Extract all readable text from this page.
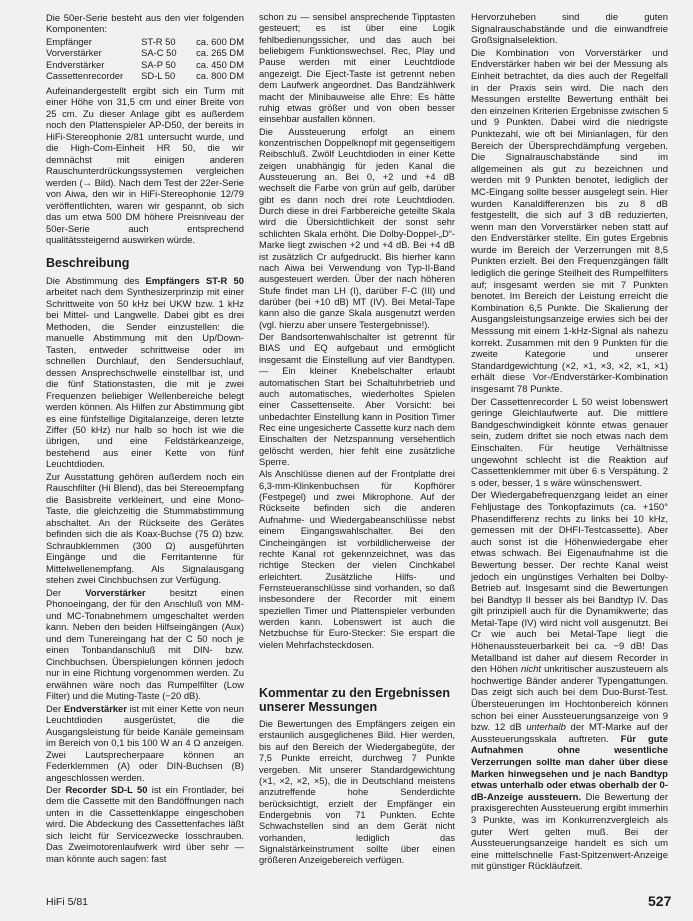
Die 50er-Serie besteht aus den vier folgenden Komponenten:

Empfänger	ST-R 50	ca. 600 DM
Vorverstärker	SA-C 50	ca. 265 DM
Endverstärker	SA-P 50	ca. 450 DM
Cassettenrecorder	SD-L 50	ca. 800 DM

Aufeinandergestellt ergibt sich ein Turm mit einer Höhe von 31,5 cm und einer Breite von 25 cm. Zu dieser Anlage gibt es außerdem noch den Plattenspieler AP-D50, der bereits in HiFi-Stereophonie 2/81 untersucht wurde, und die High-Com-Einheit HR 50, die wir demnächst mit einigen anderen Rauschunterdrückungssystemen vergleichen werden (→ Bild). Nach dem Test der 22er-Serie von Aiwa, den wir in HiFi-Stereophonie 12/79 veröffentlichten, waren wir gespannt, ob sich das um etwa 500 DM höhere Preisniveau der 50er-Serie auch entsprechend qualitätssteigernd auswirken würde.

Beschreibung

Die Abstimmung des Empfängers ST-R 50 arbeitet nach dem Synthesizerprinzip mit einer Schrittweite von 50 kHz bei UKW bzw. 1 kHz bei Mittel- und Langwelle. Dabei gibt es drei Methoden, die Sender einzustellen: die manuelle Abstimmung mit den Up/Down-Tasten, entweder schrittweise oder im schnellen Durchlauf, den Sendersuchlauf, dessen Ansprechschwelle einstellbar ist, und die fünf Stationstasten, die mit je zwei Frequenzen beliebiger Wellenbereiche belegt werden können. Als Hilfen zur Abstimmung gibt es eine fünfstellige Digitalanzeige, deren letzte Ziffer (50 kHz) nur halb so hoch ist wie die übrigen, und eine Feldstärkeanzeige, bestehend aus einer Kette von fünf Leuchtdioden.

Zur Ausstattung gehören außerdem noch ein Rauschfilter (Hi Blend), das bei Stereoempfang die Basisbreite verkleinert, und eine Mono-Taste, die gleichzeitig die Stummabstimmung abschaltet. An der Rückseite des Gerätes befinden sich die als Koax-Buchse (75 Ω) bzw. Schraubklemmen (300 Ω) ausgeführten Eingänge und die Ferritantenne für Mittelwellenempfang. Als Signalausgang stehen zwei Cinchbuchsen zur Verfügung.

Der Vorverstärker besitzt einen Phonoeingang, der für den Anschluß von MM- und MC-Tonabnehmern umgeschaltet werden kann. Neben den beiden Hilfseingängen (Aux) und dem Tunereingang hat der C 50 noch je einen Tonbandanschluß mit DIN- bzw. Cinchbuchsen. Überspielungen können jedoch nur in eine Richtung vorgenommen werden. Zu erwähnen wäre noch das Rumpelfilter (Low Filter) und die Muting-Taste (−20 dB).

Der Endverstärker ist mit einer Kette von neun Leuchtdioden ausgerüstet, die die Ausgangsleistung für beide Kanäle gemeinsam im Bereich von 0,1 bis 100 W an 4 Ω anzeigen. Zwei Lautsprecherpaare können an Federklemmen (A) oder DIN-Buchsen (B) angeschlossen werden.

Der Recorder SD-L 50 ist ein Frontlader, bei dem die Cassette mit den Bandöffnungen nach unten in die Cassettenklappe eingeschoben wird. Die Abdeckung des Cassettenfaches läßt sich leicht für Servicezwecke losschrauben. Das Zweimotorenlaufwerk wird über sehr — man könnte auch sagen: fast

schon zu — sensibel ansprechende Tipptasten gesteuert; es ist über eine Logik fehlbedienungssicher, und das auch bei beliebigem Funktionswechsel. Rec, Play und Pause werden mit einer Leuchtdiode angezeigt. Die Eject-Taste ist getrennt neben dem Laufwerk angeordnet. Das Bandzählwerk macht der Minibauweise alle Ehre: Es hätte ruhig etwas größer und von oben besser einsehbar ausfallen können.

Die Aussteuerung erfolgt an einem konzentrischen Doppelknopf mit gegenseitigem Reibschluß. Zwölf Leuchtdioden in einer Kette zeigen unabhängig für jeden Kanal die Aussteuerung an. Bei 0, +2 und +4 dB wechselt die Farbe von grün auf gelb, darüber gibt es dann noch drei rote Leuchtdioden. Durch diese in drei Farbbereiche geteilte Skala wird die Übersichtlichkeit der sonst sehr schlichten Skala erhöht. Die Dolby-Doppel-„D“-Marke liegt zwischen +2 und +4 dB. Bei +4 dB ist zusätzlich Cr aufgedruckt. Bis hierher kann nach Aiwa bei Verwendung von Typ-II-Band ausgesteuert werden. Über der nach höheren Stufe findet man LH (I), darüber F-C (III) und darüber (bei +10 dB) MT (IV). Bei Metal-Tape kann also die ganze Skala ausgenutzt werden (vgl. hierzu aber unsere Testergebnisse!).

Der Bandsortenwahlschalter ist getrennt für BIAS und EQ aufgebaut und ermöglicht insgesamt die Einstellung auf vier Bandtypen. — Ein kleiner Knebelschalter erlaubt automatischen Start bei Schaltuhrbetrieb und auch automatisches, wiederholtes Spielen einer Cassettenseite. Aber Vorsicht: bei unbedachter Einstellung kann in Position Timer Rec eine ungesicherte Cassette kurz nach dem Einschalten der Netzspannung versehentlich gelöscht werden, hier fehlt eine zusätzliche Sperre.

Als Anschlüsse dienen auf der Frontplatte drei 6,3-mm-Klinkenbuchsen für Kopfhörer (Festpegel) und zwei Mikrophone. Auf der Rückseite befinden sich die anderen Aufnahme- und Wiedergabeanschlüsse nebst einem Eingangswahlschalter. Bei den Cincheingängen ist vorbildlicherweise der rechte Kanal rot gekennzeichnet, was das richtige Stecken der vielen Cinchkabel erleichtert. Zusätzliche Hilfs- und Fernsteueranschlüsse sind vorhanden, so daß insbesondere der Recorder mit einem speziellen Timer und Plattenspieler verbunden werden kann. Lobenswert ist auch die Netzbuchse für Euro-Stecker: Sie erspart die vielen Mehrfachsteckdosen.

Kommentar zu den Ergebnissen unserer Messungen

Die Bewertungen des Empfängers zeigen ein erstaunlich ausgeglichenes Bild. Hier werden, bis auf den Bereich der Wiedergabegüte, der 7,5 Punkte erreicht, durchweg 7 Punkte vergeben. Mit unserer Standardgewichtung (×1, ×2, ×2, ×5), die in Deutschland meistens anzutreffende hohe Senderdichte berücksichtigt, erzielt der Empfänger ein Endergebnis von 71 Punkten. Echte Schwachstellen sind an dem Gerät nicht vorhanden, lediglich das Signalstärkeinstrument sollte über einen größeren Anzeigebereich verfügen.

Hervorzuheben sind die guten Signalrauschabstände und die einwandfreie Großsignalselektion.

Die Kombination von Vorverstärker und Endverstärker haben wir bei der Messung als Einheit betrachtet, da dies auch der Regelfall in der Praxis sein wird. Die nach den Messungen erstellte Bewertung enthält bei den einzelnen Kriterien Ergebnisse zwischen 5 und 9 Punkten. Dabei wird die niedrigste Punktezahl, wie oft bei Minianlagen, für den Bereich der Übersprechdämpfung vergeben. Die Signalrauschabstände sind im allgemeinen als gut zu bezeichnen und werden mit 9 Punkten benotet, lediglich der MC-Eingang sollte besser ausgelegt sein. Hier wurden Kanaldifferenzen bis zu 8 dB festgestellt, die sich auf 3 dB reduzierten, wenn man den Vorverstärker neben statt auf den Endverstärker stellte. Ein gutes Ergebnis wurde im Bereich der Verzerrungen mit 8,5 Punkten erzielt. Bei den Frequenzgängen fällt lediglich die geringe Steilheit des Rumpelfilters auf; insgesamt werden sie mit 7 Punkten benotet. Im Bereich der Leistung erreicht die Kombination 6,5 Punkte. Die Skalierung der Ausgangsleistungsanzeige erwies sich bei der Messsung mit einem 1-kHz-Signal als nahezu korrekt. Zusammen mit den 9 Punkten für die zweite Kategorie und unserer Standardgewichtung (×2, ×1, ×3, ×2, ×1, ×1) erhält diese Vor-/Endverstärker-Kombination insgesamt 78 Punkte.

Der Cassettenrecorder L 50 weist lobenswert geringe Gleichlaufwerte auf. Die mittlere Bandgeschwindigkeit könnte etwas genauer sein, zudem driftet sie noch etwas nach dem Einschalten. Für heutige Verhältnisse ungewohnt schlecht ist die Reaktion auf Cassettenklemmer mit über 6 s Verspätung. 2 s oder, besser, 1 s wäre wünschenswert.

Der Wiedergabefrequenzgang leidet an einer Fehljustage des Tonkopfazimuts (ca. +150° Phasendifferenz rechts zu links bei 10 kHz, gemessen mit der DHFI-Testcassette). Aber auch sonst ist die Höhenwiedergabe eher etwas schwach. Bei Eigenaufnahme ist die Bewertung besser. Der rechte Kanal weist jedoch ein ungünstiges Verhalten bei Dolby-Betrieb auf. Insgesamt sind die Bewertungen bei Bandtyp II besser als bei Bandtyp IV. Das gilt prinzipiell auch für die Dynamikwerte; das Metal-Tape (IV) wird nicht voll ausgenutzt. Bei Cr wie auch bei Metal-Tape liegt die Höhenaussteuerbarkeit bei ca. −9 dB! Das Metallband ist daher auf diesem Recorder in den Höhen nicht unkritischer auszusteuern als hochwertige Bänder anderer Typengattungen. Das zeigt sich auch bei dem Duo-Burst-Test. Übersteuerungen im Hochtonbereich können schon bei einer Aussteuerungsanzeige von 9 bzw. 12 dB unterhalb der MT-Marke auf der Aussteuerungsskala auftreten. Für gute Aufnahmen ohne wesentliche Verzerrungen sollte man daher über diese Marken hinwegsehen und je nach Bandtyp etwas unterhalb oder etwas oberhalb der 0-dB-Anzeige aussteuern. Die Bewertung der praxisgerechten Aussteuerung ergibt immerhin 3 Punkte, was im Konkurrenzvergleich als guter Wert gelten muß. Bei der Aussteuerungsanzeige handelt es sich um eine mittelschnelle Fast-Spitzenwert-Anzeige mit günstiger Rückläufzeit.

HiFi 5/81	527
